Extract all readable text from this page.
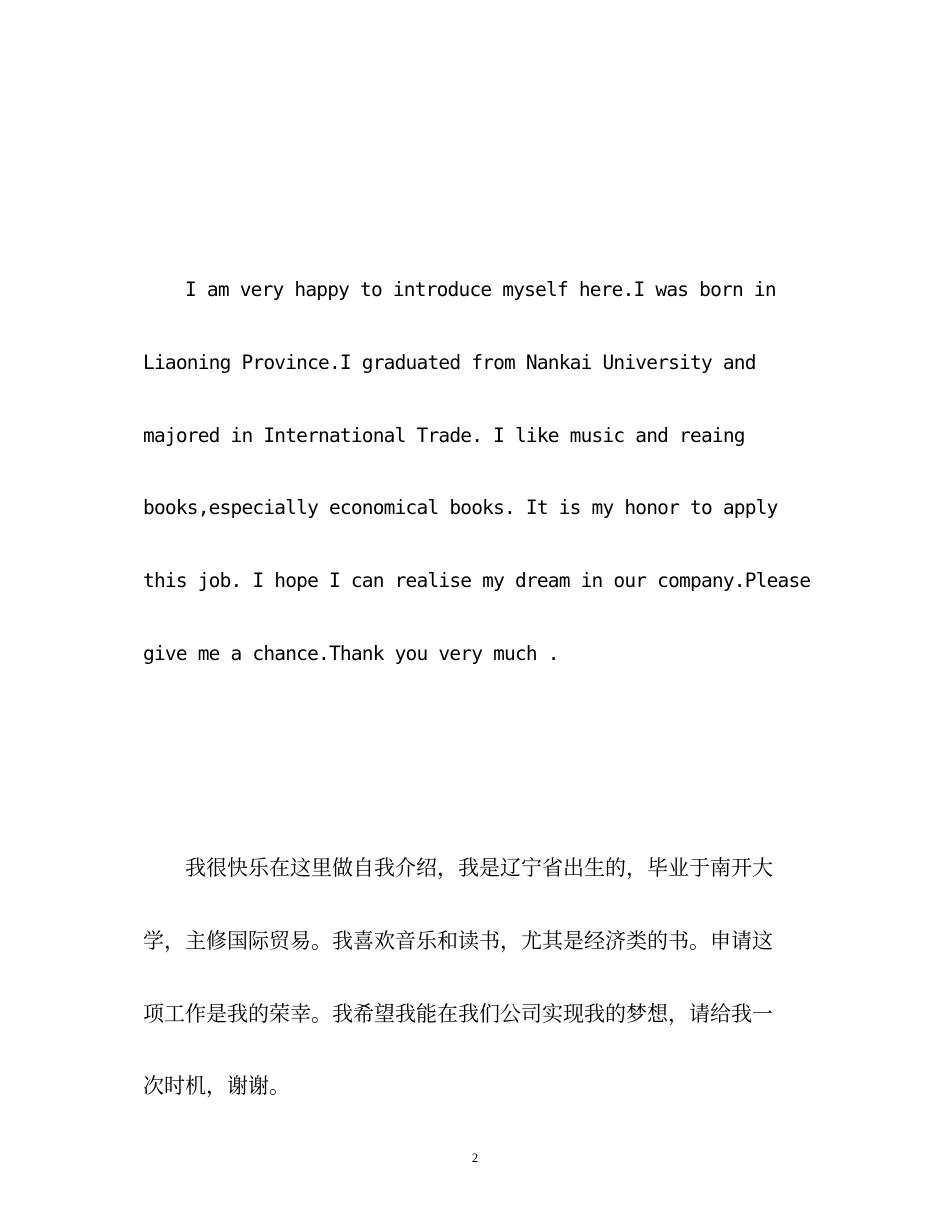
I am very happy to introduce myself here.I was born in
Liaoning Province.I graduated from Nankai University and
majored in International Trade. I like music and reaing
books,especially economical books. It is my honor to apply
this job. I hope I can realise my dream in our company.Please
give me a chance.Thank you very much .
我很快乐在这里做自我介绍，我是辽宁省出生的，毕业于南开大
学，主修国际贸易。我喜欢音乐和读书，尤其是经济类的书。申请这
项工作是我的荣幸。我希望我能在我们公司实现我的梦想，请给我一
次时机，谢谢。
2
